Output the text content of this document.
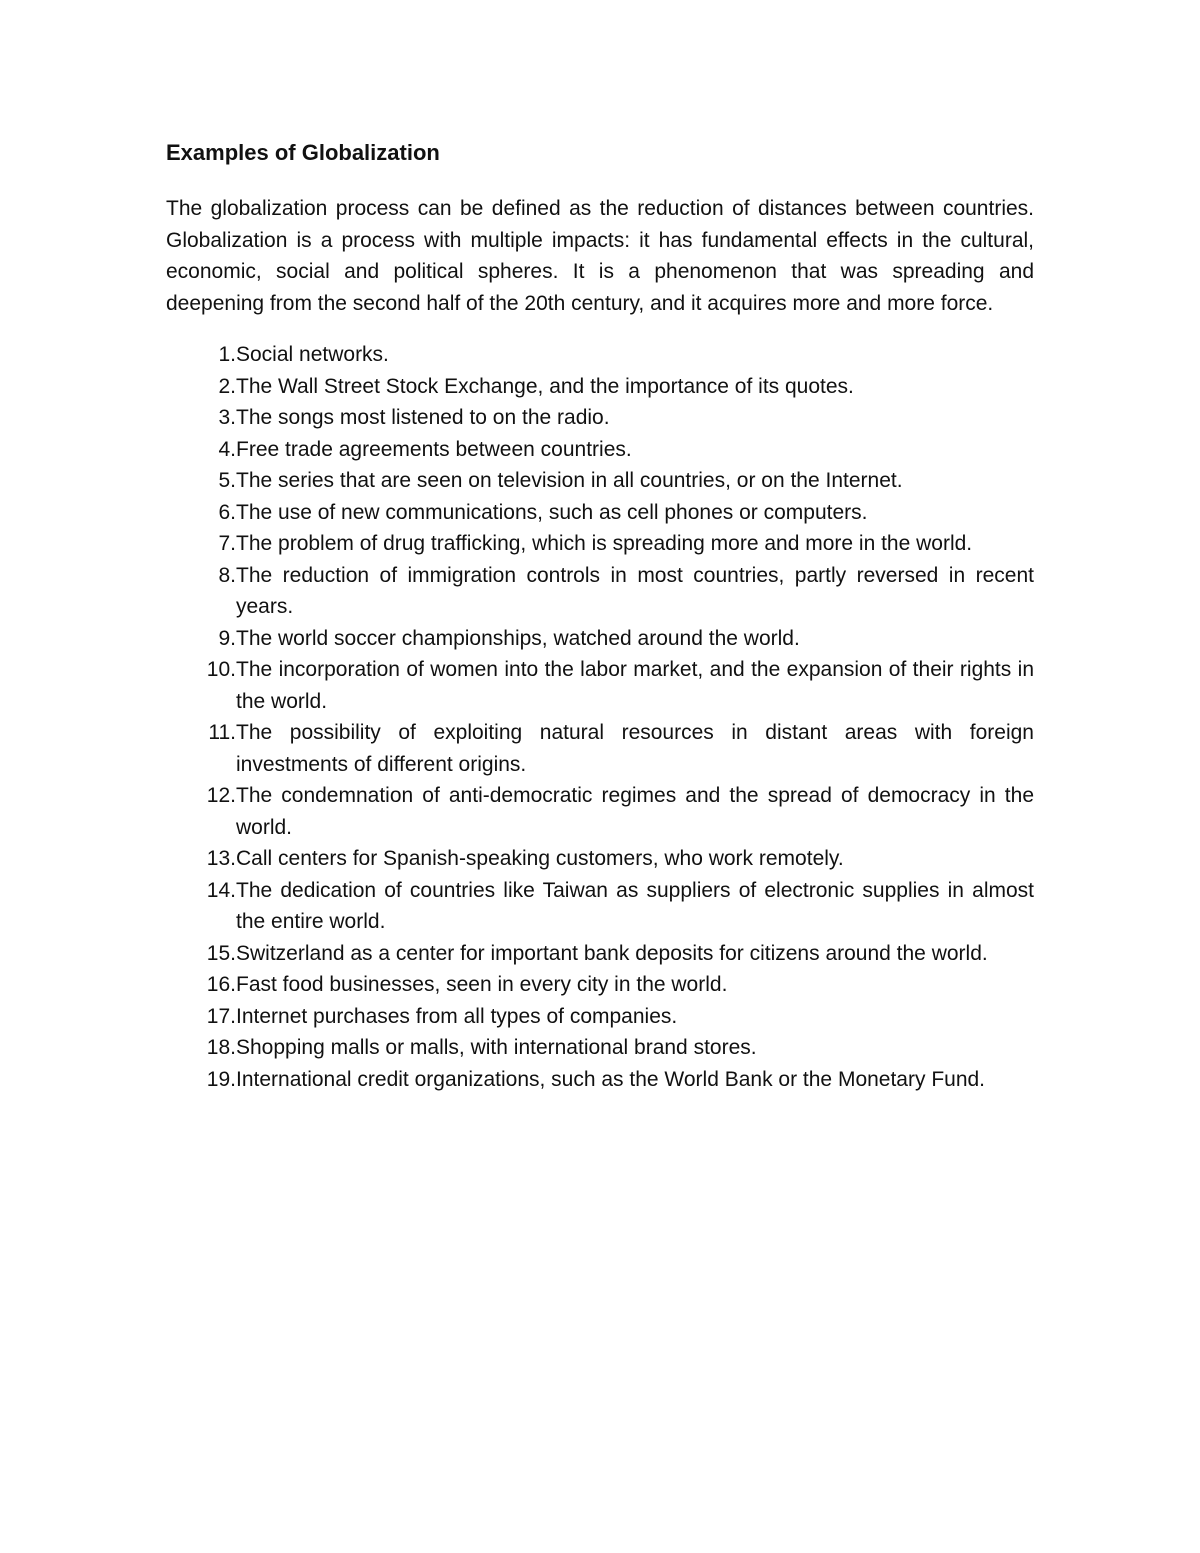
Examples of Globalization

The globalization process can be defined as the reduction of distances between countries. Globalization is a process with multiple impacts: it has fundamental effects in the cultural, economic, social and political spheres. It is a phenomenon that was spreading and deepening from the second half of the 20th century, and it acquires more and more force.

1. Social networks.
2. The Wall Street Stock Exchange, and the importance of its quotes.
3. The songs most listened to on the radio.
4. Free trade agreements between countries.
5. The series that are seen on television in all countries, or on the Internet.
6. The use of new communications, such as cell phones or computers.
7. The problem of drug trafficking, which is spreading more and more in the world.
8. The reduction of immigration controls in most countries, partly reversed in recent years.
9. The world soccer championships, watched around the world.
10. The incorporation of women into the labor market, and the expansion of their rights in the world.
11. The possibility of exploiting natural resources in distant areas with foreign investments of different origins.
12. The condemnation of anti-democratic regimes and the spread of democracy in the world.
13. Call centers for Spanish-speaking customers, who work remotely.
14. The dedication of countries like Taiwan as suppliers of electronic supplies in almost the entire world.
15. Switzerland as a center for important bank deposits for citizens around the world.
16. Fast food businesses, seen in every city in the world.
17. Internet purchases from all types of companies.
18. Shopping malls or malls, with international brand stores.
19. International credit organizations, such as the World Bank or the Monetary Fund.
